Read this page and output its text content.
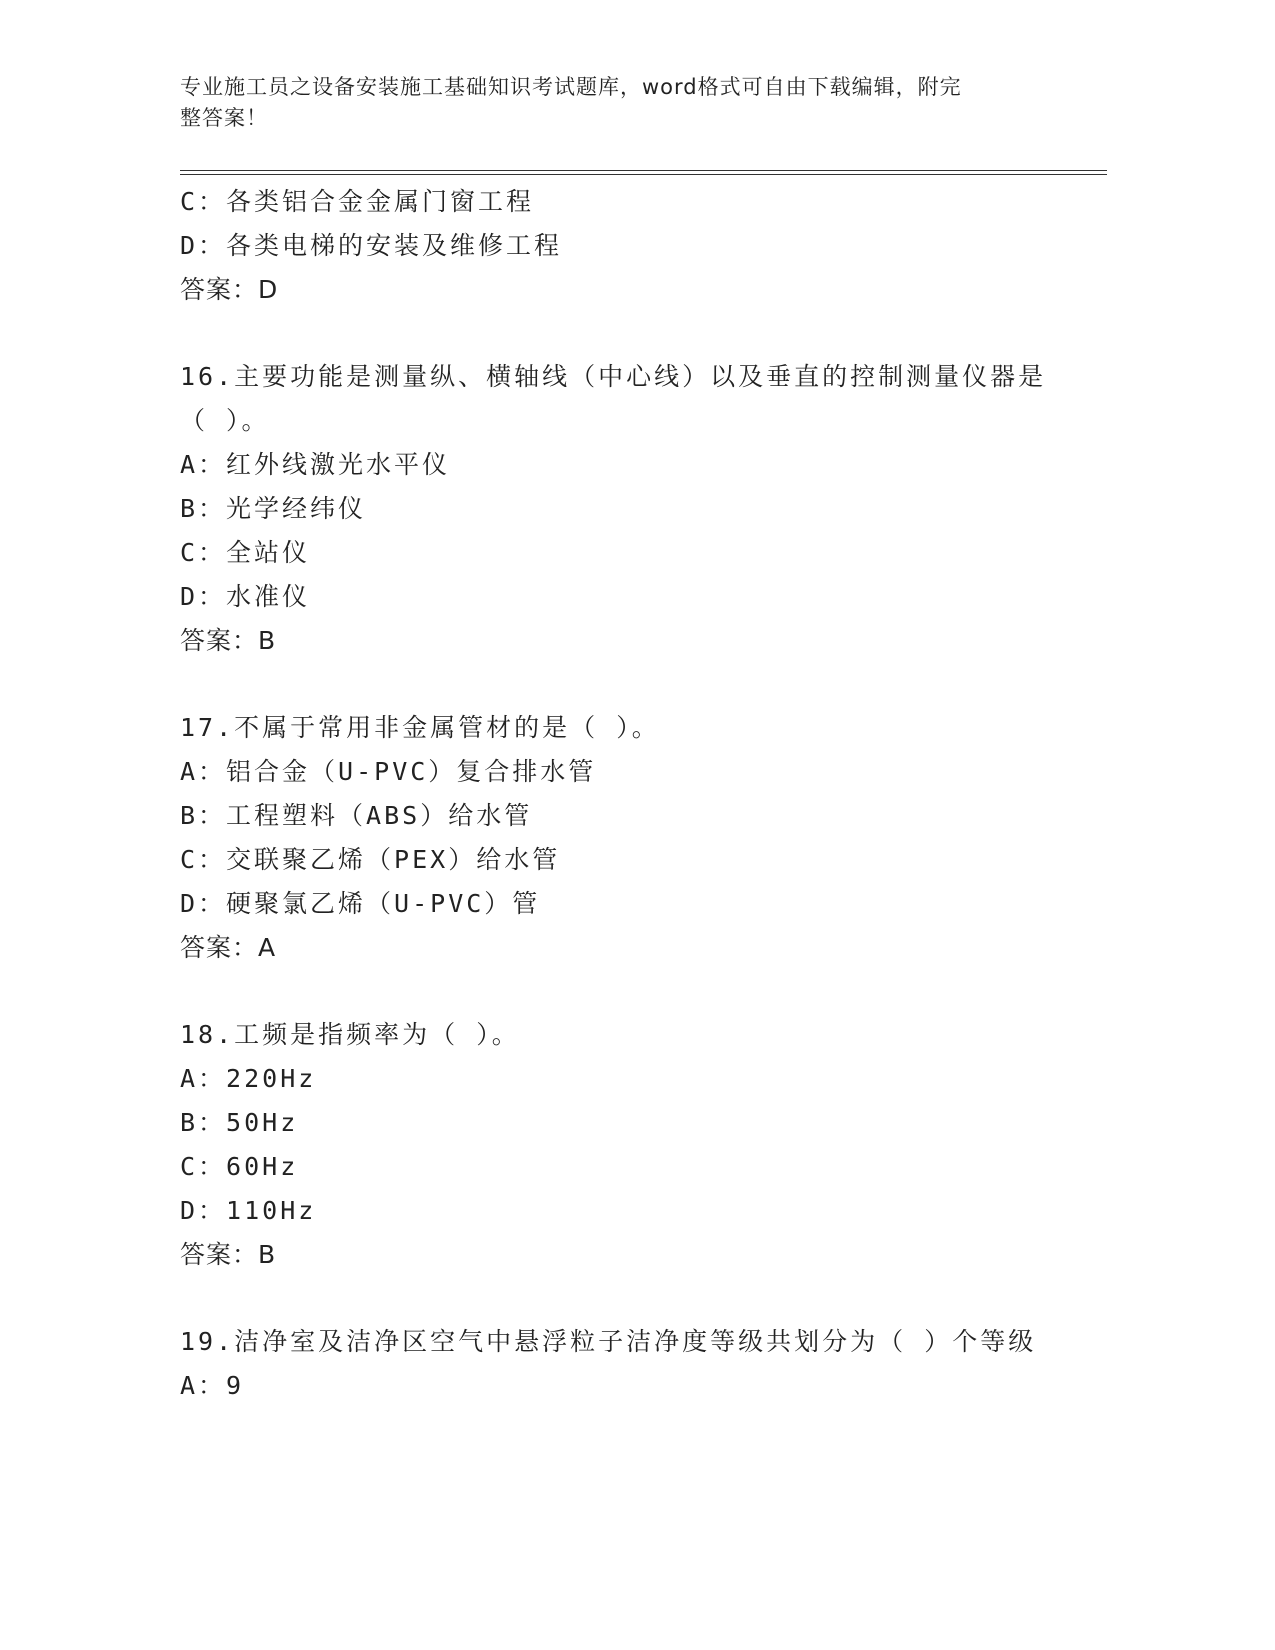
专业施工员之设备安装施工基础知识考试题库，word格式可自由下载编辑，附完
整答案！
C：各类铝合金金属门窗工程
D：各类电梯的安装及维修工程
答案：D
16.主要功能是测量纵、横轴线（中心线）以及垂直的控制测量仪器是
（ ）。
A：红外线激光水平仪
B：光学经纬仪
C：全站仪
D：水准仪
答案：B
17.不属于常用非金属管材的是（ ）。
A：铝合金（U-PVC）复合排水管
B：工程塑料（ABS）给水管
C：交联聚乙烯（PEX）给水管
D：硬聚氯乙烯（U-PVC）管
答案：A
18.工频是指频率为（ ）。
A：220Hz
B：50Hz
C：60Hz
D：110Hz
答案：B
19.洁净室及洁净区空气中悬浮粒子洁净度等级共划分为（ ）个等级
A：9
